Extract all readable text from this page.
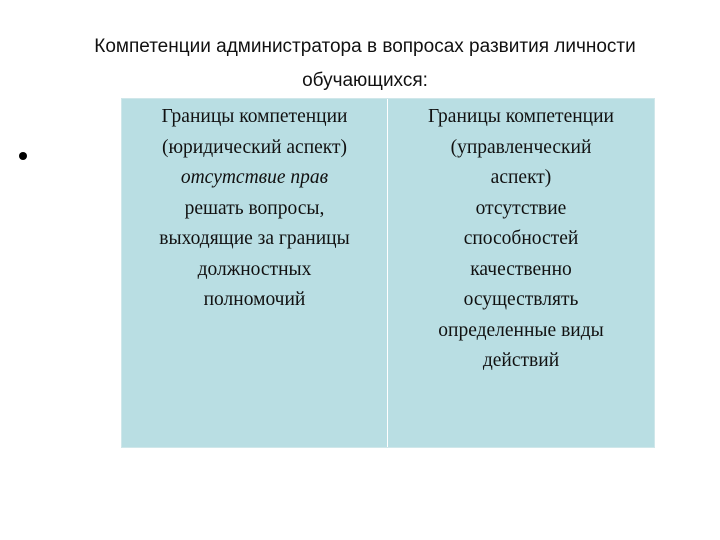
Компетенции администратора в вопросах развития личности
обучающихся:
Границы компетенции
(юридический аспект)
отсутствие прав
решать вопросы,
выходящие за границы
должностных
полномочий
Границы компетенции
(управленческий
аспект)
отсутствие
способностей
качественно
осуществлять
определенные виды
действий
